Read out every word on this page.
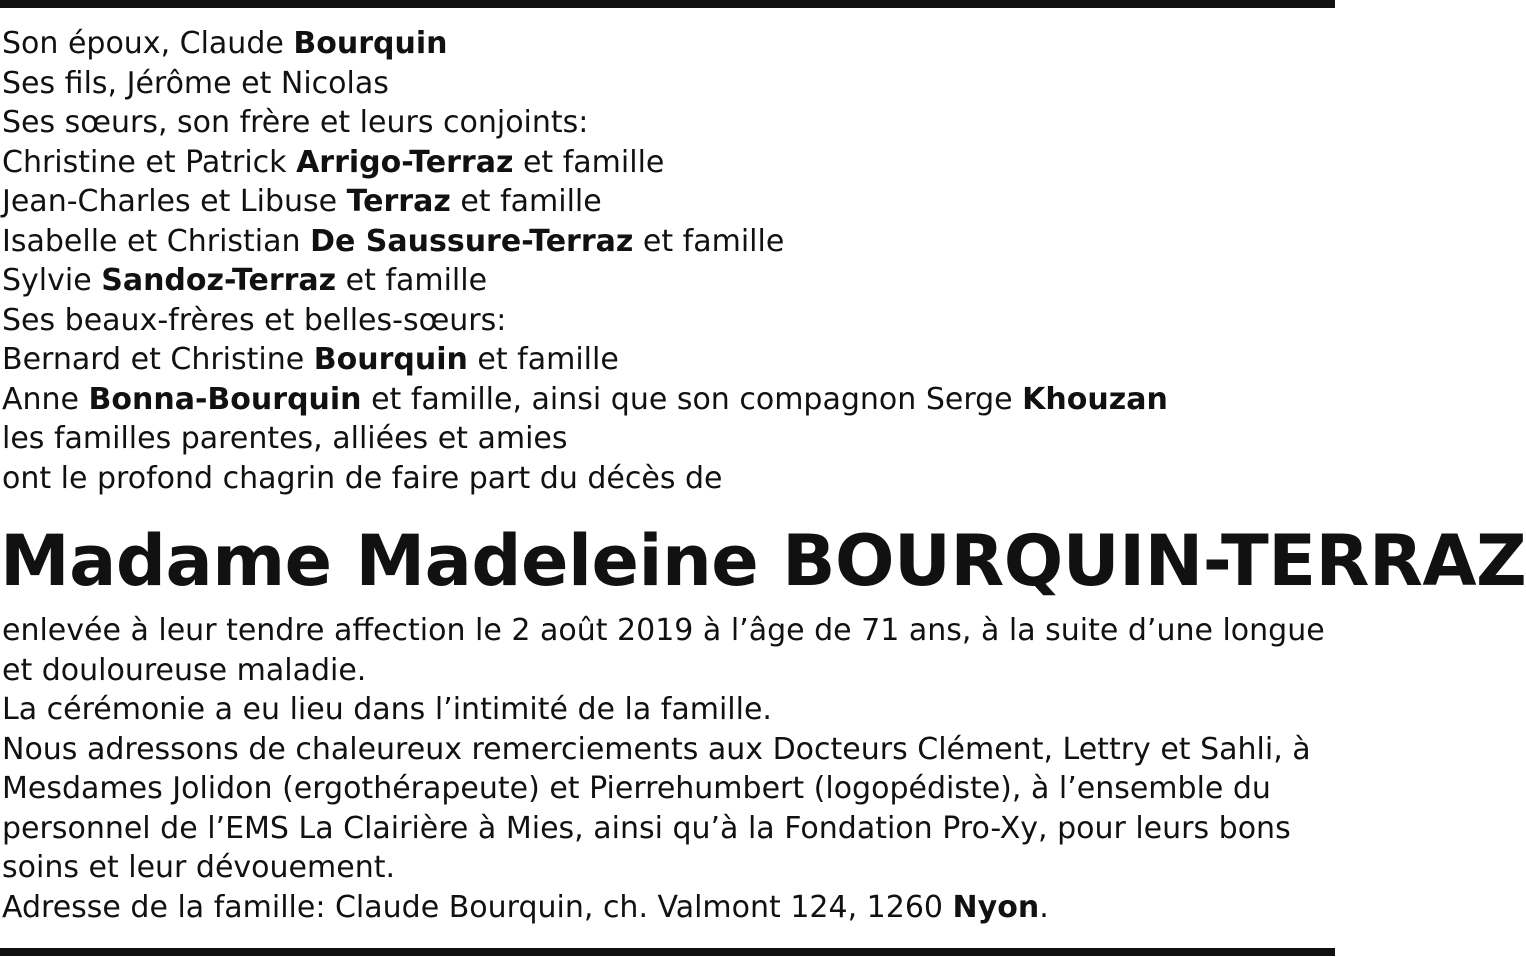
Son époux, Claude Bourquin
Ses fils, Jérôme et Nicolas
Ses sœurs, son frère et leurs conjoints:
Christine et Patrick Arrigo-Terraz et famille
Jean-Charles et Libuse Terraz et famille
Isabelle et Christian De Saussure-Terraz et famille
Sylvie Sandoz-Terraz et famille
Ses beaux-frères et belles-sœurs:
Bernard et Christine Bourquin et famille
Anne Bonna-Bourquin et famille, ainsi que son compagnon Serge Khouzan
les familles parentes, alliées et amies
ont le profond chagrin de faire part du décès de
Madame Madeleine BOURQUIN-TERRAZ
enlevée à leur tendre affection le 2 août 2019 à l’âge de 71 ans, à la suite d’une longue et douloureuse maladie.
La cérémonie a eu lieu dans l’intimité de la famille.
Nous adressons de chaleureux remerciements aux Docteurs Clément, Lettry et Sahli, à Mesdames Jolidon (ergothérapeute) et Pierrehumbert (logopédiste), à l’ensemble du personnel de l’EMS La Clairière à Mies, ainsi qu’à la Fondation Pro-Xy, pour leurs bons soins et leur dévouement.
Adresse de la famille: Claude Bourquin, ch. Valmont 124, 1260 Nyon.
